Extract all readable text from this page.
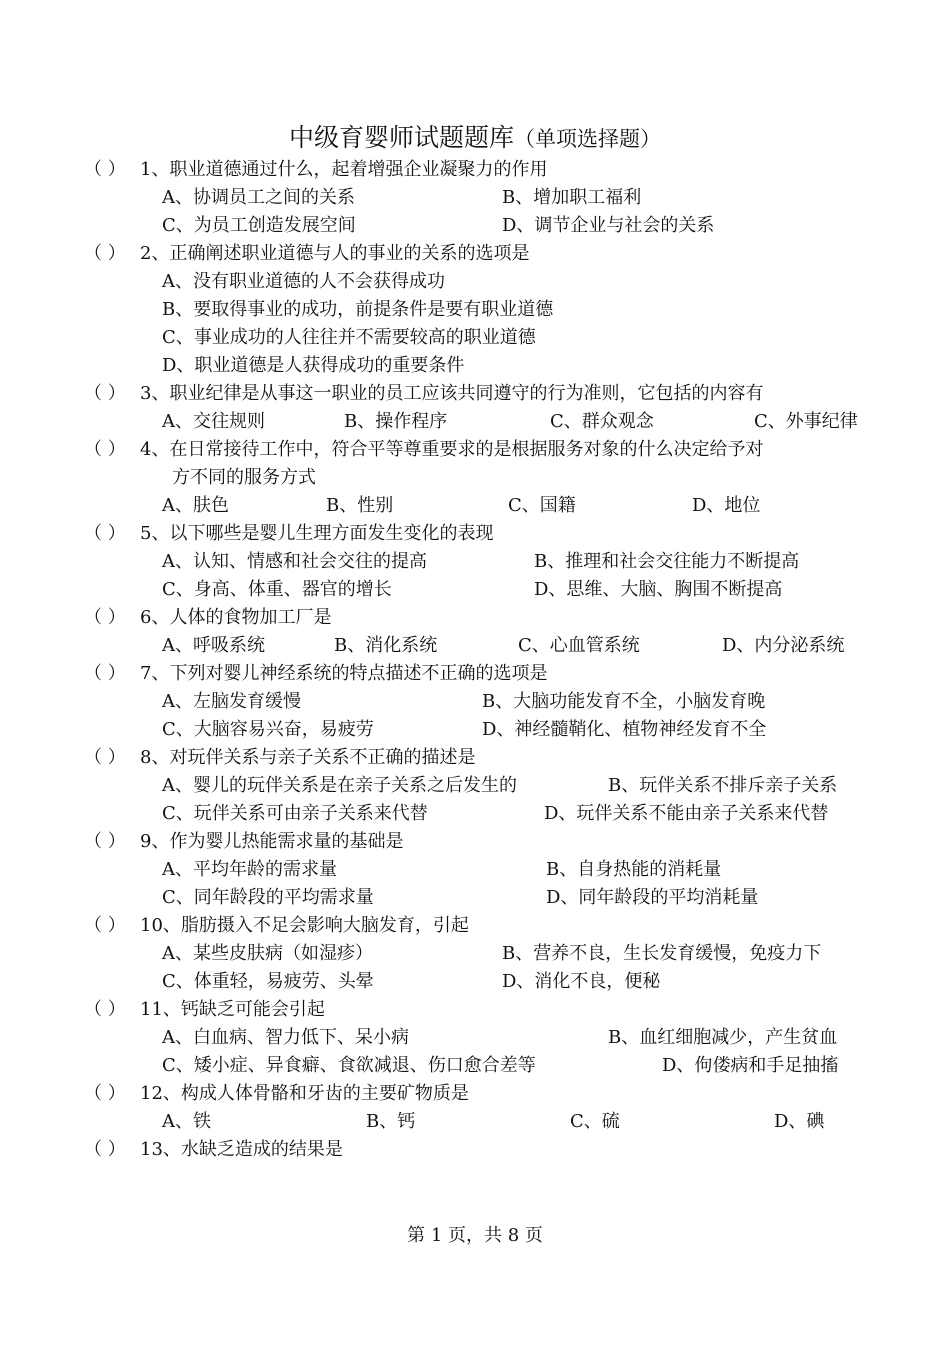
中级育婴师试题题库（单项选择题）
（ ） 1、职业道德通过什么，起着增强企业凝聚力的作用
A、协调员工之间的关系	B、增加职工福利
C、为员工创造发展空间	D、调节企业与社会的关系
（ ） 2、正确阐述职业道德与人的事业的关系的选项是
A、没有职业道德的人不会获得成功
B、要取得事业的成功，前提条件是要有职业道德
C、事业成功的人往往并不需要较高的职业道德
D、职业道德是人获得成功的重要条件
（ ） 3、职业纪律是从事这一职业的员工应该共同遵守的行为准则，它包括的内容有
A、交往规则	B、操作程序	C、群众观念	C、外事纪律
（ ） 4、在日常接待工作中，符合平等尊重要求的是根据服务对象的什么决定给予对
方不同的服务方式
A、肤色	B、性别	C、国籍	D、地位
（ ） 5、以下哪些是婴儿生理方面发生变化的表现
A、认知、情感和社会交往的提高	B、推理和社会交往能力不断提高
C、身高、体重、器官的增长	D、思维、大脑、胸围不断提高
（ ） 6、人体的食物加工厂是
A、呼吸系统	B、消化系统	C、心血管系统	D、内分泌系统
（ ） 7、下列对婴儿神经系统的特点描述不正确的选项是
A、左脑发育缓慢	B、大脑功能发育不全，小脑发育晚
C、大脑容易兴奋，易疲劳	D、神经髓鞘化、植物神经发育不全
（ ） 8、对玩伴关系与亲子关系不正确的描述是
A、婴儿的玩伴关系是在亲子关系之后发生的	B、玩伴关系不排斥亲子关系
C、玩伴关系可由亲子关系来代替	D、玩伴关系不能由亲子关系来代替
（ ） 9、作为婴儿热能需求量的基础是
A、平均年龄的需求量	B、自身热能的消耗量
C、同年龄段的平均需求量	D、同年龄段的平均消耗量
（ ） 10、脂肪摄入不足会影响大脑发育，引起
A、某些皮肤病（如湿疹）	B、营养不良，生长发育缓慢，免疫力下
C、体重轻，易疲劳、头晕	D、消化不良，便秘
（ ） 11、钙缺乏可能会引起
A、白血病、智力低下、呆小病	B、血红细胞减少，产生贫血
C、矮小症、异食癖、食欲减退、伤口愈合差等	D、佝偻病和手足抽搐
（ ） 12、构成人体骨骼和牙齿的主要矿物质是
A、铁	B、钙	C、硫	D、碘
（ ） 13、水缺乏造成的结果是
第 1 页，共 8 页
